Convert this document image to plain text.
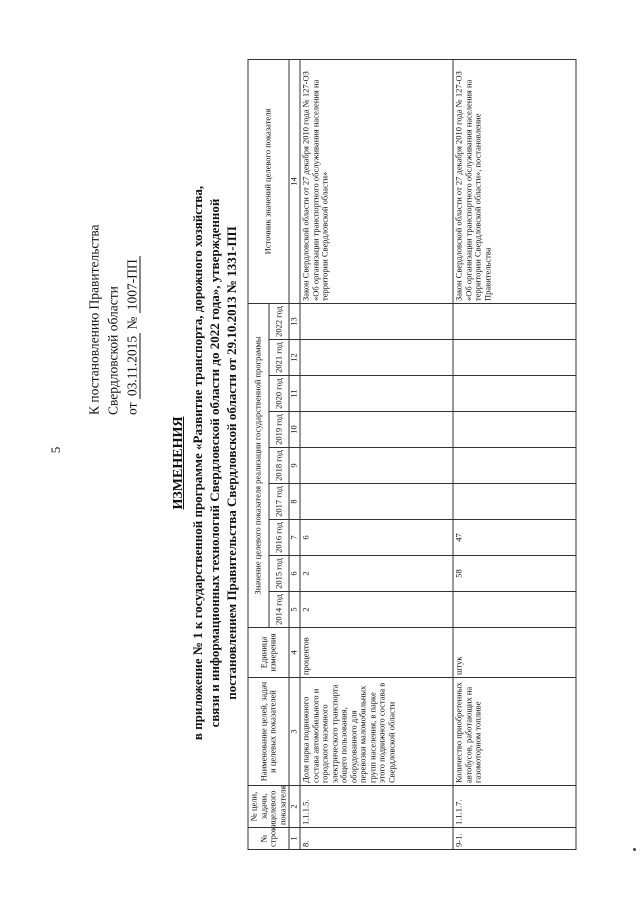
5
К постановлению Правительства Свердловской области от 03.11.2015 № 1007-ПП
ИЗМЕНЕНИЯ в приложение № 1 к государственной программе «Развитие транспорта, дорожного хозяйства, связи и информационных технологий Свердловской области до 2022 года», утвержденной постановлением Правительства Свердловской области от 29.10.2013 № 1331-ПП
№ строки	№ цели, задачи, целевого показателя	Наименование целей, задач и целевых показателей	Единица измерения	Значение целевого показателя реализации государственной программы									Источник значений целевого показателя
				2014 год	2015 год	2016 год	2017 год	2018 год	2019 год	2020 год	2021 год	2022 год	
1	2	3	4	5	6	7	8	9	10	11	12	13	14
8.	1.1.1.5.	Доля парка подвижного состава автомобильного и городского наземного электрического транспорта общего пользования, оборудованного для перевозки маломобильных групп населения, в парке этого подвижного состава в Свердловской области	процентов	2	2	6							Закон Свердловской области от 27 декабря 2010 года № 127-ОЗ «Об организации транспортного обслуживания населения на территории Свердловской области»
9-1.	1.1.1.7.	Количество приобретенных автобусов, работающих на газомоторном топливе	штук		58	47							Закон Свердловской области от 27 декабря 2010 года № 127-ОЗ «Об организации транспортного обслуживания населения на территории Свердловской области», постановление Правительства
